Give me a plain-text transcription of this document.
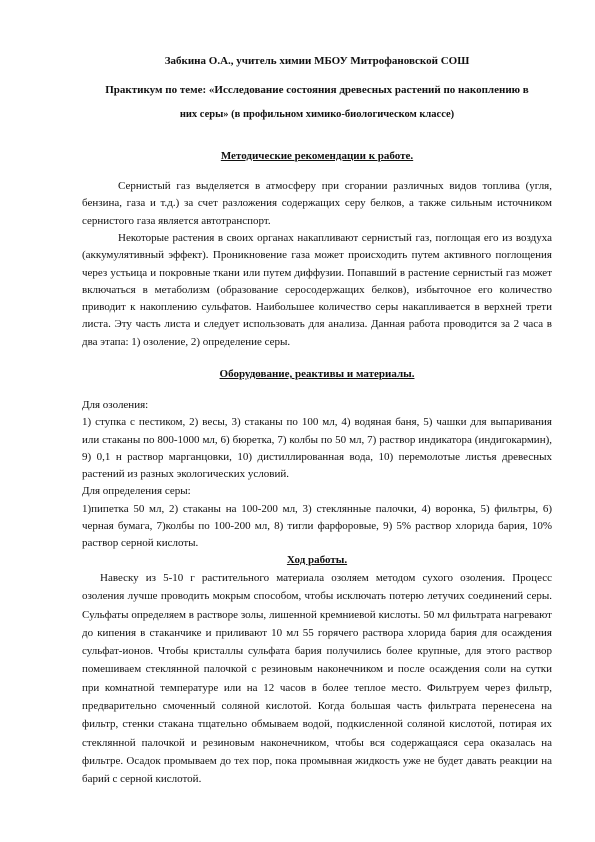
Забкина О.А., учитель химии МБОУ Митрофановской СОШ
Практикум по теме: «Исследование состояния древесных растений по накоплению в
них серы» (в профильном химико-биологическом классе)
Методические рекомендации к работе.

Сернистый газ выделяется в атмосферу при сгорании различных видов топлива (угля, бензина, газа и т.д.) за счет разложения содержащих серу белков, а также сильным источником сернистого газа является автотранспорт.

Некоторые растения в своих органах накапливают сернистый газ, поглощая его из воздуха (аккумулятивный эффект). Проникновение газа может происходить путем активного поглощения через устьица и покровные ткани или путем диффузии. Попавший в растение сернистый газ может включаться в метаболизм (образование серосодержащих белков), избыточное его количество приводит к накоплению сульфатов. Наибольшее количество серы накапливается в верхней трети листа. Эту часть листа и следует использовать для анализа. Данная работа проводится за 2 часа в два этапа: 1) озоление, 2) определение серы.

Оборудование, реактивы и материалы.

Для озоления:

1) ступка с пестиком, 2) весы, 3) стаканы по 100 мл, 4) водяная баня, 5) чашки для выпаривания или стаканы по 800-1000 мл, 6) бюретка, 7) колбы по 50 мл, 7) раствор индикатора (индигокармин), 9) 0,1 н раствор марганцовки, 10) дистиллированная вода, 10) перемолотые листья древесных растений из разных экологических условий.

Для определения серы:

1)пипетка 50 мл, 2) стаканы на 100-200 мл, 3) стеклянные палочки, 4) воронка, 5) фильтры, 6) черная бумага, 7)колбы по 100-200 мл, 8) тигли фарфоровые, 9) 5% раствор хлорида бария, 10% раствор серной кислоты.

Ход работы.

Навеску из 5-10 г растительного материала озоляем методом сухого озоления. Процесс озоления лучше проводить мокрым способом, чтобы исключать потерю летучих соединений серы. Сульфаты определяем в растворе золы, лишенной кремниевой кислоты. 50 мл фильтрата нагревают до кипения в стаканчике и приливают 10 мл 55 горячего раствора хлорида бария для осаждения сульфат-ионов. Чтобы кристаллы сульфата бария получились более крупные, для этого раствор помешиваем стеклянной палочкой с резиновым наконечником и после осаждения соли на сутки при комнатной температуре или на 12 часов в более теплое место. Фильтруем через фильтр, предварительно смоченный соляной кислотой. Когда большая часть фильтрата перенесена на фильтр, стенки стакана тщательно обмываем водой, подкисленной соляной кислотой, потирая их стеклянной палочкой и резиновым наконечником, чтобы вся содержащаяся сера оказалась на фильтре. Осадок промываем до тех пор, пока промывная жидкость уже не будет давать реакции на барий с серной кислотой.
